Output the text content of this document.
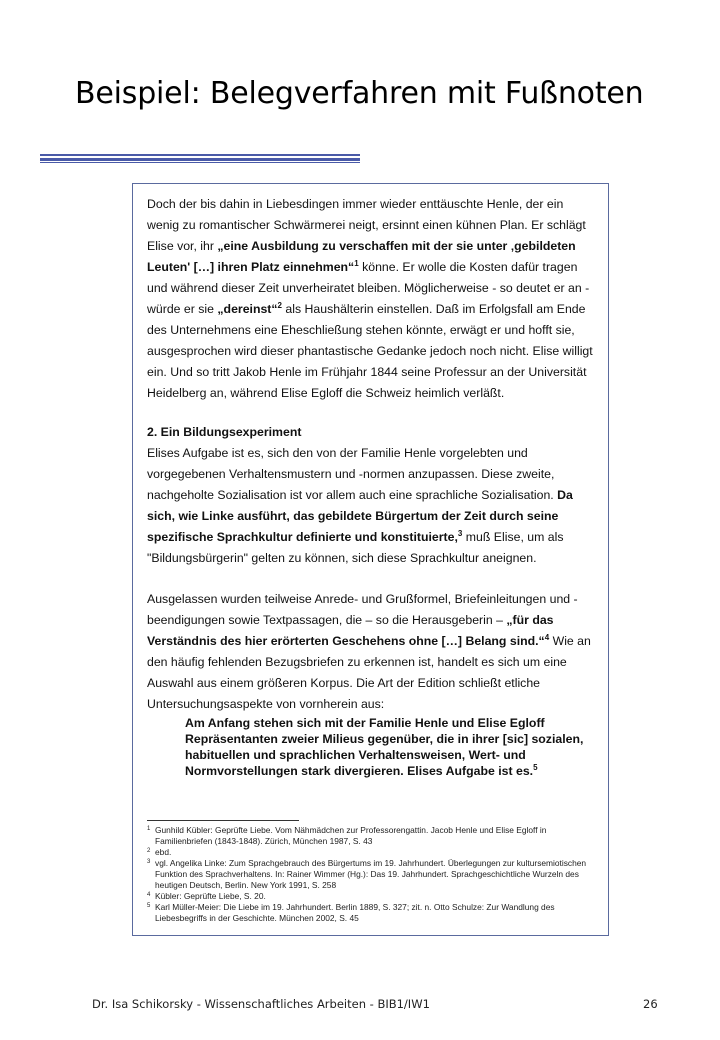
Beispiel: Belegverfahren mit Fußnoten

Doch der bis dahin in Liebesdingen immer wieder enttäuschte Henle, der ein wenig zu romantischer Schwärmerei neigt, ersinnt einen kühnen Plan. Er schlägt Elise vor, ihr „eine Ausbildung zu verschaffen mit der sie unter ‚gebildeten Leuten' […] ihren Platz einnehmen“$^1$ könne. Er wolle die Kosten dafür tragen und während dieser Zeit unverheiratet bleiben. Möglicherweise - so deutet er an - würde er sie „dereinst“$^2$ als Haushälterin einstellen. Daß im Erfolgsfall am Ende des Unternehmens eine Eheschließung stehen könnte, erwägt er und hofft sie, ausgesprochen wird dieser phantastische Gedanke jedoch noch nicht. Elise willigt ein. Und so tritt Jakob Henle im Frühjahr 1844 seine Professur an der Universität Heidelberg an, während Elise Egloff die Schweiz heimlich verläßt.

2. Ein Bildungsexperiment

Elises Aufgabe ist es, sich den von der Familie Henle vorgelebten und vorgegebenen Verhaltensmustern und -normen anzupassen. Diese zweite, nachgeholte Sozialisation ist vor allem auch eine sprachliche Sozialisation. Da sich, wie Linke ausführt, das gebildete Bürgertum der Zeit durch seine spezifische Sprachkultur definierte und konstituierte,$^3$ muß Elise, um als "Bildungsbürgerin" gelten zu können, sich diese Sprachkultur aneignen.

Ausgelassen wurden teilweise Anrede- und Grußformel, Briefeinleitungen und -beendigungen sowie Textpassagen, die – so die Herausgeberin – „für das Verständnis des hier erörterten Geschehens ohne […] Belang sind.“$^4$ Wie an den häufig fehlenden Bezugsbriefen zu erkennen ist, handelt es sich um eine Auswahl aus einem größeren Korpus. Die Art der Edition schließt etliche Untersuchungsaspekte von vornherein aus:

Am Anfang stehen sich mit der Familie Henle und Elise Egloff Repräsentanten zweier Milieus gegenüber, die in ihrer [sic] sozialen, habituellen und sprachlichen Verhaltensweisen, Wert- und Normvorstellungen stark divergieren. Elises Aufgabe ist es.$^5$

1 Gunhild Kübler: Geprüfte Liebe. Vom Nähmädchen zur Professorengattin. Jacob Henle und Elise Egloff in Familienbriefen (1843-1848). Zürich, München 1987, S. 43
2 ebd.
3 vgl. Angelika Linke: Zum Sprachgebrauch des Bürgertums im 19. Jahrhundert. Überlegungen zur kultursemiotischen Funktion des Sprachverhaltens. In: Rainer Wimmer (Hg.): Das 19. Jahrhundert. Sprachgeschichtliche Wurzeln des heutigen Deutsch, Berlin. New York 1991, S. 258
4 Kübler: Geprüfte Liebe, S. 20.
5 Karl Müller-Meier: Die Liebe im 19. Jahrhundert. Berlin 1889, S. 327; zit. n. Otto Schulze: Zur Wandlung des Liebesbegriffs in der Geschichte. München 2002, S. 45
Dr. Isa Schikorsky - Wissenschaftliches Arbeiten - BIB1/IW1	26
